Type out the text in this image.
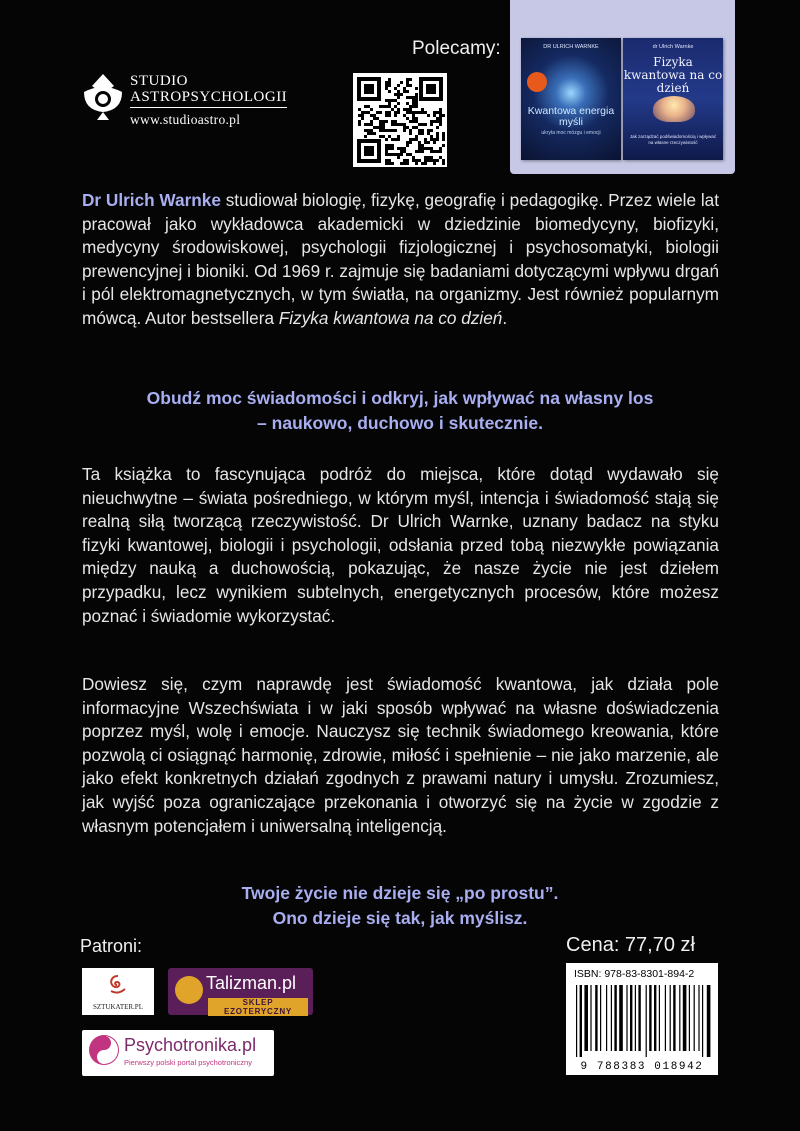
STUDIO
ASTROPSYCHOLOGII
www.studioastro.pl
Polecamy:	DR ULRICH WARNKE
Kwantowa energia myśli
ukryta moc mózgu i emocji
dr Ulrich Warnke
Fizyka kwantowa na co dzień
Jak zarządzać podświadomością i wpływać na własne rzeczywistość
Dr Ulrich Warnke studiował biologię, fizykę, geografię i pedagogikę. Przez wiele lat pracował jako wykładowca akademicki w dziedzinie biomedycyny, biofizyki, medycyny środowiskowej, psychologii fizjologicznej i psychosomatyki, biologii prewencyjnej i bioniki. Od 1969 r. zajmuje się badaniami dotyczącymi wpływu drgań i pól elektromagnetycznych, w tym światła, na organizmy. Jest również popularnym mówcą. Autor bestsellera Fizyka kwantowa na co dzień.
Obudź moc świadomości i odkryj, jak wpływać na własny los
– naukowo, duchowo i skutecznie.
Ta książka to fascynująca podróż do miejsca, które dotąd wydawało się nieuchwytne – świata pośredniego, w którym myśl, intencja i świadomość stają się realną siłą tworzącą rzeczywistość. Dr Ulrich Warnke, uznany badacz na styku fizyki kwantowej, biologii i psychologii, odsłania przed tobą niezwykłe powiązania między nauką a duchowością, pokazując, że nasze życie nie jest dziełem przypadku, lecz wynikiem subtelnych, energetycznych procesów, które możesz poznać i świadomie wykorzystać.
Dowiesz się, czym naprawdę jest świadomość kwantowa, jak działa pole informacyjne Wszechświata i w jaki sposób wpływać na własne doświadczenia poprzez myśl, wolę i emocje. Nauczysz się technik świadomego kreowania, które pozwolą ci osiągnąć harmonię, zdrowie, miłość i spełnienie – nie jako marzenie, ale jako efekt konkretnych działań zgodnych z prawami natury i umysłu. Zrozumiesz, jak wyjść poza ograniczające przekonania i otworzyć się na życie w zgodzie z własnym potencjałem i uniwersalną inteligencją.
Twoje życie nie dzieje się „po prostu”.
Ono dzieje się tak, jak myślisz.
Patroni:
SZTUKATER.PL
Talizman.pl
SKLEP EZOTERYCZNY
Psychotronika.pl
Pierwszy polski portal psychotroniczny
Cena: 77,70 zł
ISBN: 978-83-8301-894-2
9 788383 018942
